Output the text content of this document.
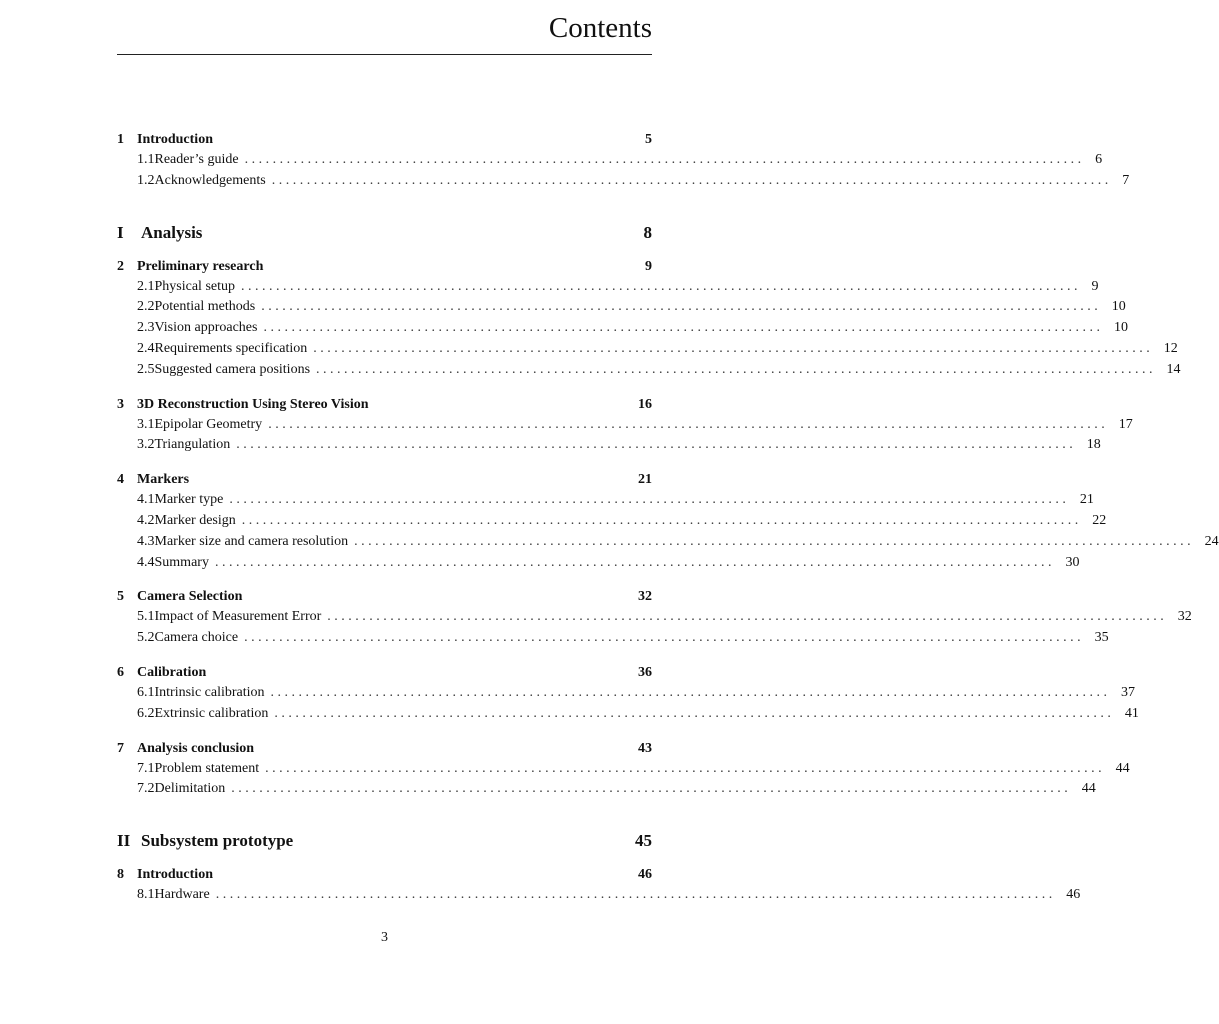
Contents
1 Introduction	5
1.1 Reader’s guide . . . . . . . . . . . . . . . . . . . . . . . . . . . . . . . . . . . . . . . . . . . . . . . . . . . . . . . . . . . . . . . . . . . . . . . . . . . . . . . . . . . . . . . . . . . . . . . . . . . . . . . . . . . . . . . . . . . . . . . . 6
1.2 Acknowledgements . . . . . . . . . . . . . . . . . . . . . . . . . . . . . . . . . . . . . . . . . . . . . . . . . . . . . . . . . . . . . . . . . . . . . . . . . . . . . . . . . . . . . . . . . . . . . . . . . . . . . . . . . . . . . . . . . . . . . . . . 7
I	Analysis	8
2 Preliminary research	9
2.1 Physical setup . . . . . . . . . . . . . . . . . . . . . . . . . . . . . . . . . . . . . . . . . . . . . . . . . . . . . . . . . . . . . . . . . . . . . . . . . . . . . . . . . . . . . . . . . . . . . . . . . . . . . . . . . . . . . . . . . . . . . . . . 9
2.2 Potential methods . . . . . . . . . . . . . . . . . . . . . . . . . . . . . . . . . . . . . . . . . . . . . . . . . . . . . . . . . . . . . . . . . . . . . . . . . . . . . . . . . . . . . . . . . . . . . . . . . . . . . . . . . . . . . . . . . . . . . . . . 10
2.3 Vision approaches . . . . . . . . . . . . . . . . . . . . . . . . . . . . . . . . . . . . . . . . . . . . . . . . . . . . . . . . . . . . . . . . . . . . . . . . . . . . . . . . . . . . . . . . . . . . . . . . . . . . . . . . . . . . . . . . . . . . . . . . 10
2.4 Requirements specification . . . . . . . . . . . . . . . . . . . . . . . . . . . . . . . . . . . . . . . . . . . . . . . . . . . . . . . . . . . . . . . . . . . . . . . . . . . . . . . . . . . . . . . . . . . . . . . . . . . . . . . . . . . . . . . . . . . . . . . . 12
2.5 Suggested camera positions . . . . . . . . . . . . . . . . . . . . . . . . . . . . . . . . . . . . . . . . . . . . . . . . . . . . . . . . . . . . . . . . . . . . . . . . . . . . . . . . . . . . . . . . . . . . . . . . . . . . . . . . . . . . . . . . . . . . . . . . 14
3 3D Reconstruction Using Stereo Vision	16
3.1 Epipolar Geometry . . . . . . . . . . . . . . . . . . . . . . . . . . . . . . . . . . . . . . . . . . . . . . . . . . . . . . . . . . . . . . . . . . . . . . . . . . . . . . . . . . . . . . . . . . . . . . . . . . . . . . . . . . . . . . . . . . . . . . . . 17
3.2 Triangulation . . . . . . . . . . . . . . . . . . . . . . . . . . . . . . . . . . . . . . . . . . . . . . . . . . . . . . . . . . . . . . . . . . . . . . . . . . . . . . . . . . . . . . . . . . . . . . . . . . . . . . . . . . . . . . . . . . . . . . . . 18
4 Markers	21
4.1 Marker type . . . . . . . . . . . . . . . . . . . . . . . . . . . . . . . . . . . . . . . . . . . . . . . . . . . . . . . . . . . . . . . . . . . . . . . . . . . . . . . . . . . . . . . . . . . . . . . . . . . . . . . . . . . . . . . . . . . . . . . . 21
4.2 Marker design . . . . . . . . . . . . . . . . . . . . . . . . . . . . . . . . . . . . . . . . . . . . . . . . . . . . . . . . . . . . . . . . . . . . . . . . . . . . . . . . . . . . . . . . . . . . . . . . . . . . . . . . . . . . . . . . . . . . . . . . 22
4.3 Marker size and camera resolution . . . . . . . . . . . . . . . . . . . . . . . . . . . . . . . . . . . . . . . . . . . . . . . . . . . . . . . . . . . . . . . . . . . . . . . . . . . . . . . . . . . . . . . . . . . . . . . . . . . . . . . . . . . . . . . . . . . . . . . . 24
4.4 Summary . . . . . . . . . . . . . . . . . . . . . . . . . . . . . . . . . . . . . . . . . . . . . . . . . . . . . . . . . . . . . . . . . . . . . . . . . . . . . . . . . . . . . . . . . . . . . . . . . . . . . . . . . . . . . . . . . . . . . . . . 30
5 Camera Selection	32
5.1 Impact of Measurement Error . . . . . . . . . . . . . . . . . . . . . . . . . . . . . . . . . . . . . . . . . . . . . . . . . . . . . . . . . . . . . . . . . . . . . . . . . . . . . . . . . . . . . . . . . . . . . . . . . . . . . . . . . . . . . . . . . . . . . . . . 32
5.2 Camera choice . . . . . . . . . . . . . . . . . . . . . . . . . . . . . . . . . . . . . . . . . . . . . . . . . . . . . . . . . . . . . . . . . . . . . . . . . . . . . . . . . . . . . . . . . . . . . . . . . . . . . . . . . . . . . . . . . . . . . . . . 35
6 Calibration	36
6.1 Intrinsic calibration . . . . . . . . . . . . . . . . . . . . . . . . . . . . . . . . . . . . . . . . . . . . . . . . . . . . . . . . . . . . . . . . . . . . . . . . . . . . . . . . . . . . . . . . . . . . . . . . . . . . . . . . . . . . . . . . . . . . . . . . 37
6.2 Extrinsic calibration . . . . . . . . . . . . . . . . . . . . . . . . . . . . . . . . . . . . . . . . . . . . . . . . . . . . . . . . . . . . . . . . . . . . . . . . . . . . . . . . . . . . . . . . . . . . . . . . . . . . . . . . . . . . . . . . . . . . . . . . 41
7 Analysis conclusion	43
7.1 Problem statement . . . . . . . . . . . . . . . . . . . . . . . . . . . . . . . . . . . . . . . . . . . . . . . . . . . . . . . . . . . . . . . . . . . . . . . . . . . . . . . . . . . . . . . . . . . . . . . . . . . . . . . . . . . . . . . . . . . . . . . . 44
7.2 Delimitation . . . . . . . . . . . . . . . . . . . . . . . . . . . . . . . . . . . . . . . . . . . . . . . . . . . . . . . . . . . . . . . . . . . . . . . . . . . . . . . . . . . . . . . . . . . . . . . . . . . . . . . . . . . . . . . . . . . . . . . . 44
II Subsystem prototype	45
8 Introduction	46
8.1 Hardware . . . . . . . . . . . . . . . . . . . . . . . . . . . . . . . . . . . . . . . . . . . . . . . . . . . . . . . . . . . . . . . . . . . . . . . . . . . . . . . . . . . . . . . . . . . . . . . . . . . . . . . . . . . . . . . . . . . . . . . . 46
3
